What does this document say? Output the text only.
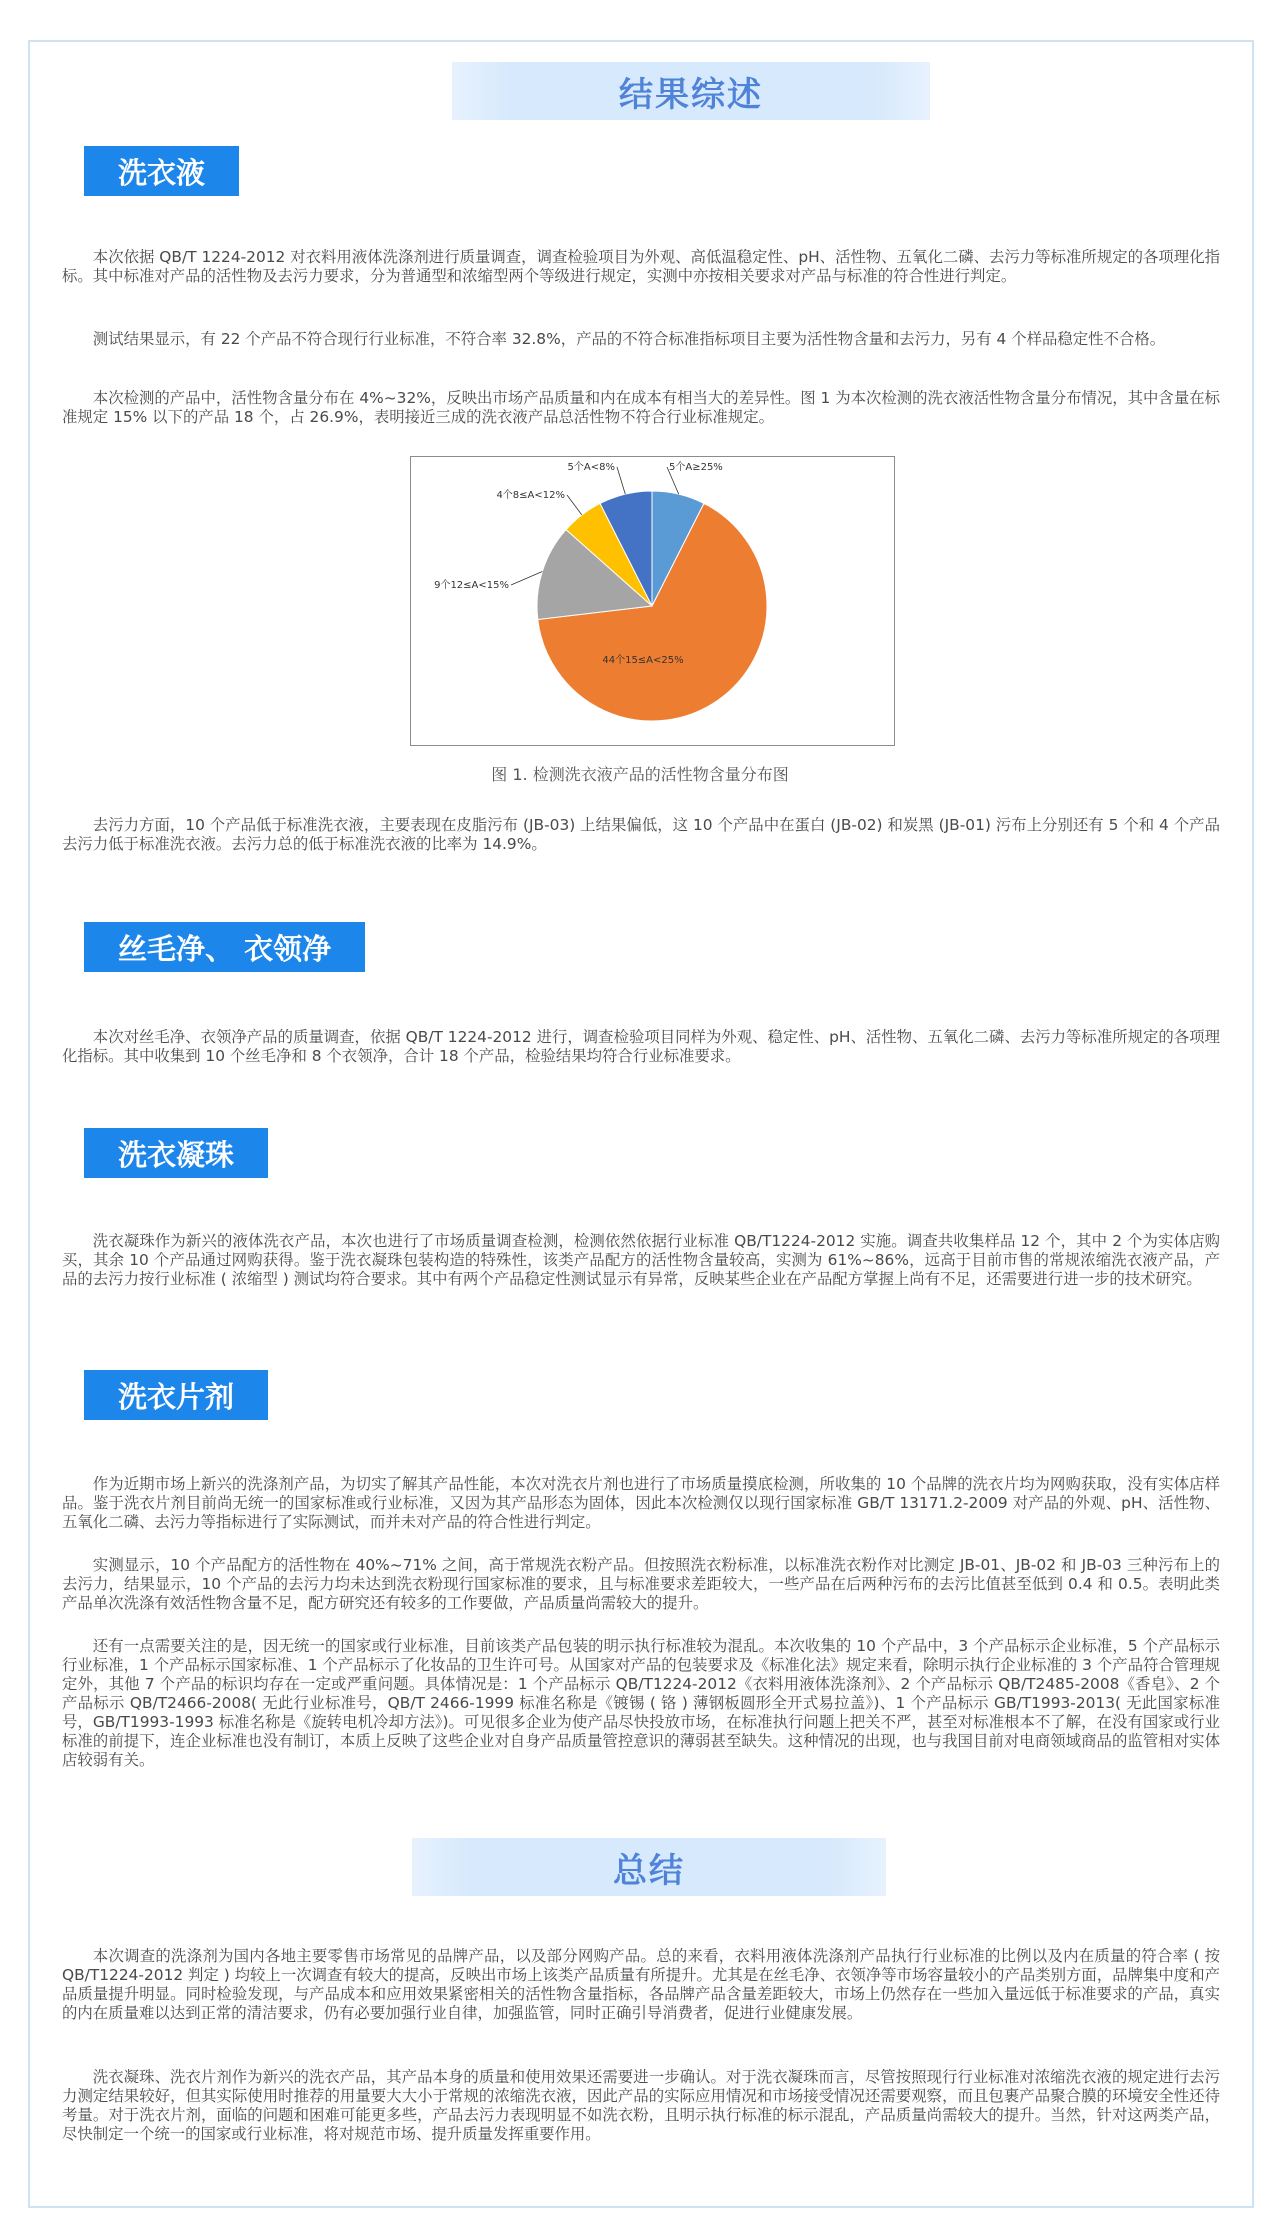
结果综述
洗衣液

本次依据 QB/T 1224-2012 对衣料用液体洗涤剂进行质量调查，调查检验项目为外观、高低温稳定性、pH、活性物、五氧化二磷、去污力等标准所规定的各项理化指标。其中标准对产品的活性物及去污力要求，分为普通型和浓缩型两个等级进行规定，实测中亦按相关要求对产品与标准的符合性进行判定。

测试结果显示，有 22 个产品不符合现行行业标准，不符合率 32.8%，产品的不符合标准指标项目主要为活性物含量和去污力，另有 4 个样品稳定性不合格。

本次检测的产品中，活性物含量分布在 4%~32%，反映出市场产品质量和内在成本有相当大的差异性。图 1 为本次检测的洗衣液活性物含量分布情况，其中含量在标准规定 15% 以下的产品 18 个，占 26.9%，表明接近三成的洗衣液产品总活性物不符合行业标准规定。

5个A≥25%
44个15≤A<25%
9个12≤A<15%
4个8≤A<12%
5个A<8%
图 1. 检测洗衣液产品的活性物含量分布图

去污力方面，10 个产品低于标准洗衣液，主要表现在皮脂污布 (JB-03) 上结果偏低，这 10 个产品中在蛋白 (JB-02) 和炭黑 (JB-01) 污布上分别还有 5 个和 4 个产品去污力低于标准洗衣液。去污力总的低于标准洗衣液的比率为 14.9%。

丝毛净、 衣领净

本次对丝毛净、衣领净产品的质量调查，依据 QB/T 1224-2012 进行，调查检验项目同样为外观、稳定性、pH、活性物、五氧化二磷、去污力等标准所规定的各项理化指标。其中收集到 10 个丝毛净和 8 个衣领净，合计 18 个产品，检验结果均符合行业标准要求。

洗衣凝珠

洗衣凝珠作为新兴的液体洗衣产品，本次也进行了市场质量调查检测，检测依然依据行业标准 QB/T1224-2012 实施。调查共收集样品 12 个，其中 2 个为实体店购买，其余 10 个产品通过网购获得。鉴于洗衣凝珠包装构造的特殊性，该类产品配方的活性物含量较高，实测为 61%~86%，远高于目前市售的常规浓缩洗衣液产品，产品的去污力按行业标准 ( 浓缩型 ) 测试均符合要求。其中有两个产品稳定性测试显示有异常，反映某些企业在产品配方掌握上尚有不足，还需要进行进一步的技术研究。

洗衣片剂

作为近期市场上新兴的洗涤剂产品，为切实了解其产品性能，本次对洗衣片剂也进行了市场质量摸底检测，所收集的 10 个品牌的洗衣片均为网购获取，没有实体店样品。鉴于洗衣片剂目前尚无统一的国家标准或行业标准，又因为其产品形态为固体，因此本次检测仅以现行国家标准 GB/T 13171.2-2009 对产品的外观、pH、活性物、五氧化二磷、去污力等指标进行了实际测试，而并未对产品的符合性进行判定。

实测显示，10 个产品配方的活性物在 40%~71% 之间，高于常规洗衣粉产品。但按照洗衣粉标准，以标准洗衣粉作对比测定 JB-01、JB-02 和 JB-03 三种污布上的去污力，结果显示，10 个产品的去污力均未达到洗衣粉现行国家标准的要求，且与标准要求差距较大，一些产品在后两种污布的去污比值甚至低到 0.4 和 0.5。表明此类产品单次洗涤有效活性物含量不足，配方研究还有较多的工作要做，产品质量尚需较大的提升。

还有一点需要关注的是，因无统一的国家或行业标准，目前该类产品包装的明示执行标准较为混乱。本次收集的 10 个产品中，3 个产品标示企业标准，5 个产品标示行业标准，1 个产品标示国家标准、1 个产品标示了化妆品的卫生许可号。从国家对产品的包装要求及《标准化法》规定来看，除明示执行企业标准的 3 个产品符合管理规定外，其他 7 个产品的标识均存在一定或严重问题。具体情况是：1 个产品标示 QB/T1224-2012《衣料用液体洗涤剂》、2 个产品标示 QB/T2485-2008《香皂》、2 个产品标示 QB/T2466-2008( 无此行业标准号，QB/T 2466-1999 标准名称是《镀锡 ( 铬 ) 薄钢板圆形全开式易拉盖》)、1 个产品标示 GB/T1993-2013( 无此国家标准号，GB/T1993-1993 标准名称是《旋转电机冷却方法》)。可见很多企业为使产品尽快投放市场，在标准执行问题上把关不严，甚至对标准根本不了解，在没有国家或行业标准的前提下，连企业标准也没有制订，本质上反映了这些企业对自身产品质量管控意识的薄弱甚至缺失。这种情况的出现，也与我国目前对电商领域商品的监管相对实体店较弱有关。

总结

本次调查的洗涤剂为国内各地主要零售市场常见的品牌产品，以及部分网购产品。总的来看，衣料用液体洗涤剂产品执行行业标准的比例以及内在质量的符合率 ( 按 QB/T1224-2012 判定 ) 均较上一次调查有较大的提高，反映出市场上该类产品质量有所提升。尤其是在丝毛净、衣领净等市场容量较小的产品类别方面，品牌集中度和产品质量提升明显。同时检验发现，与产品成本和应用效果紧密相关的活性物含量指标，各品牌产品含量差距较大，市场上仍然存在一些加入量远低于标准要求的产品，真实的内在质量难以达到正常的清洁要求，仍有必要加强行业自律，加强监管，同时正确引导消费者，促进行业健康发展。

洗衣凝珠、洗衣片剂作为新兴的洗衣产品，其产品本身的质量和使用效果还需要进一步确认。对于洗衣凝珠而言，尽管按照现行行业标准对浓缩洗衣液的规定进行去污力测定结果较好，但其实际使用时推荐的用量要大大小于常规的浓缩洗衣液，因此产品的实际应用情况和市场接受情况还需要观察，而且包裹产品聚合膜的环境安全性还待考量。对于洗衣片剂，面临的问题和困难可能更多些，产品去污力表现明显不如洗衣粉，且明示执行标准的标示混乱，产品质量尚需较大的提升。当然，针对这两类产品，尽快制定一个统一的国家或行业标准，将对规范市场、提升质量发挥重要作用。
